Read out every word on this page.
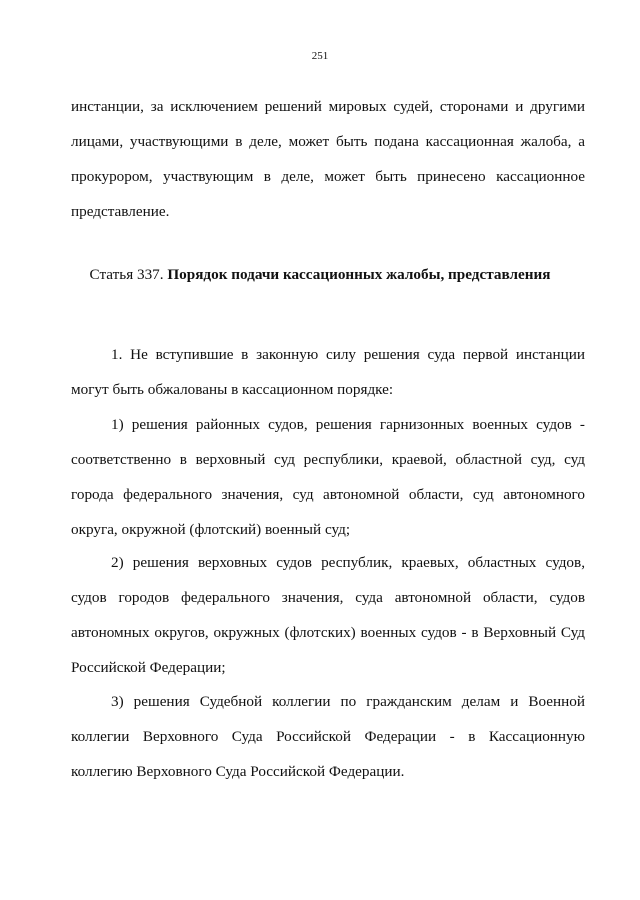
251
инстанции, за исключением решений мировых судей, сторонами и другими
лицами, участвующими в деле, может быть подана кассационная жалоба, а
прокурором, участвующим в деле, может быть принесено кассационное
представление.
Статья 337. Порядок подачи кассационных жалобы, представления
1. Не вступившие в законную силу решения суда первой инстанции
могут быть обжалованы в кассационном порядке:
1) решения районных судов, решения гарнизонных военных судов -
соответственно в верховный суд республики, краевой, областной суд, суд
города федерального значения, суд автономной области, суд автономного
округа, окружной (флотский) военный суд;
2) решения верховных судов республик, краевых, областных судов,
судов городов федерального значения, суда автономной области, судов
автономных округов, окружных (флотских) военных судов - в Верховный Суд
Российской Федерации;
3) решения Судебной коллегии по гражданским делам и Военной
коллегии Верховного Суда Российской Федерации - в Кассационную
коллегию Верховного Суда Российской Федерации.
